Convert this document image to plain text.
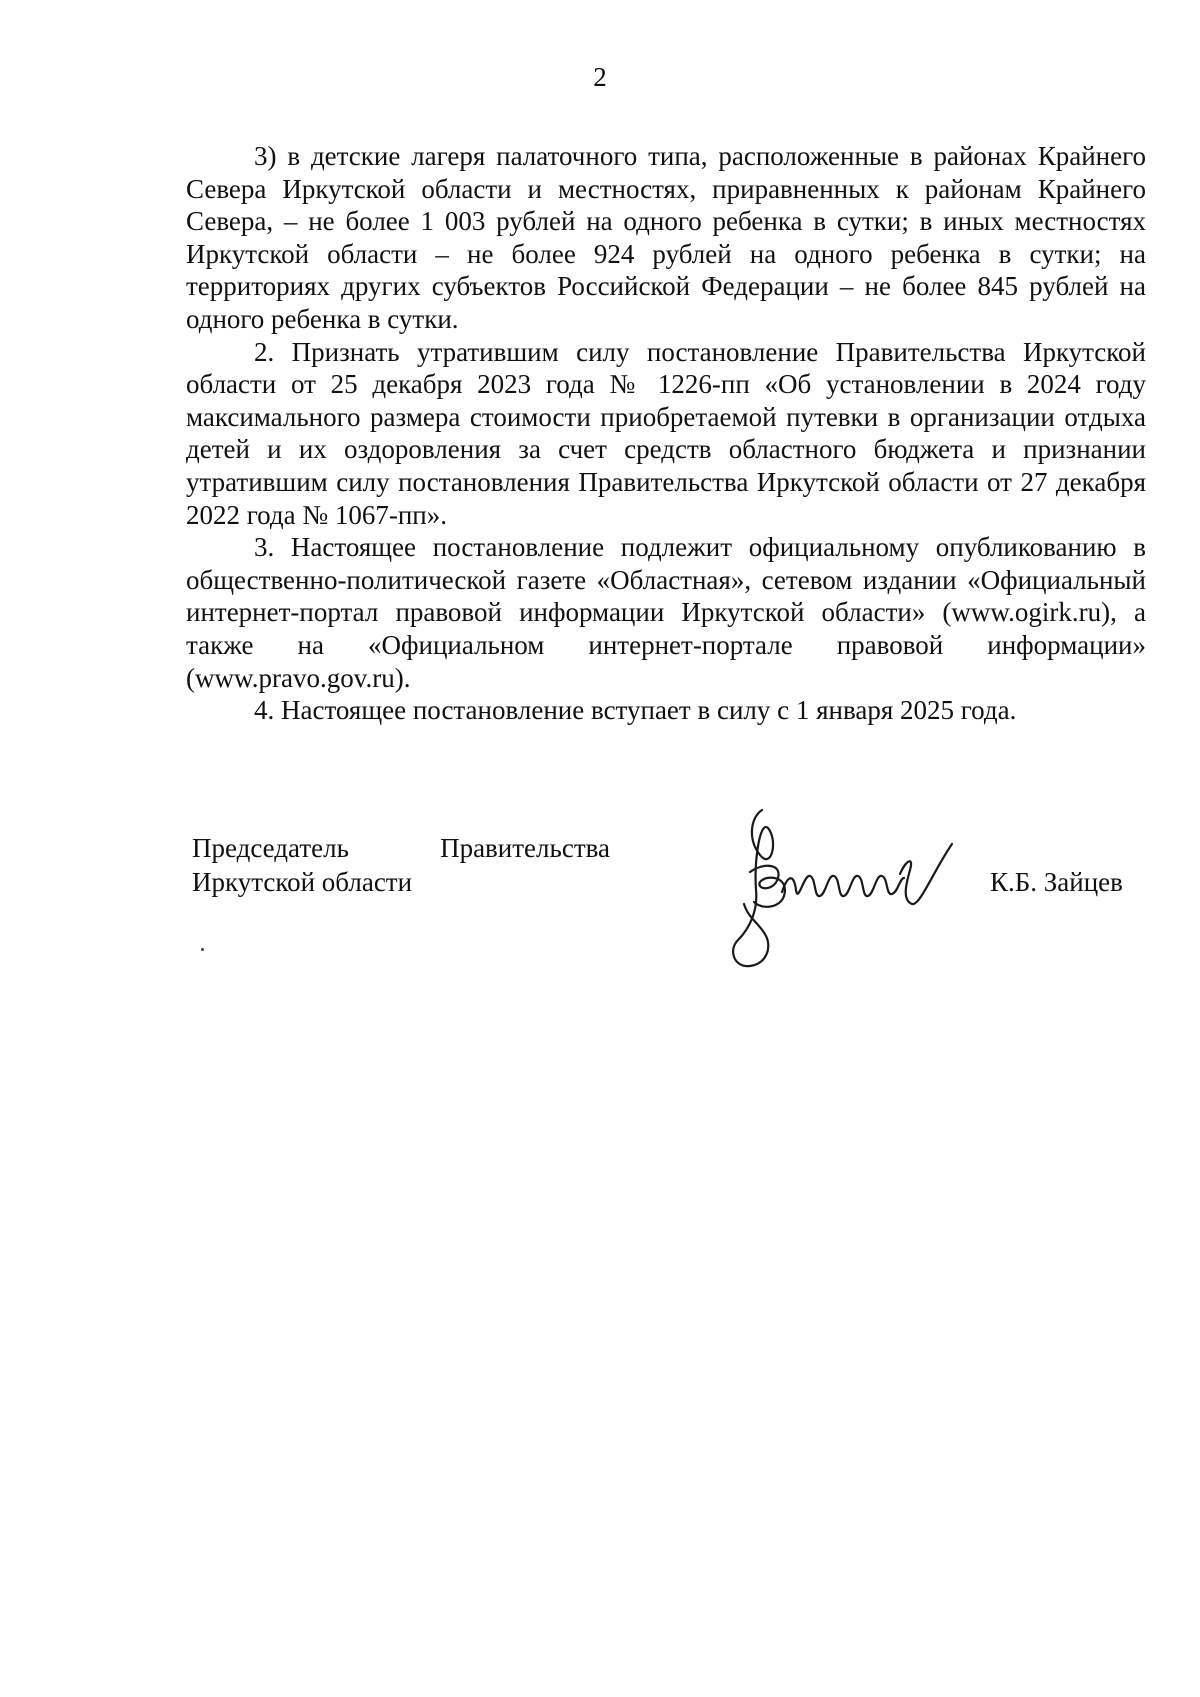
2

3) в детские лагеря палаточного типа, расположенные в районах Крайнего Севера Иркутской области и местностях, приравненных к районам Крайнего Севера, – не более 1 003 рублей на одного ребенка в сутки; в иных местностях Иркутской области – не более 924 рублей на одного ребенка в сутки; на территориях других субъектов Российской Федерации – не более 845 рублей на одного ребенка в сутки.

2. Признать утратившим силу постановление Правительства Иркутской области от 25 декабря 2023 года № 1226-пп «Об установлении в 2024 году максимального размера стоимости приобретаемой путевки в организации отдыха детей и их оздоровления за счет средств областного бюджета и признании утратившим силу постановления Правительства Иркутской области от 27 декабря 2022 года № 1067-пп».

3. Настоящее постановление подлежит официальному опубликованию в общественно-политической газете «Областная», сетевом издании «Официальный интернет-портал правовой информации Иркутской области» (www.ogirk.ru), а также на «Официальном интернет-портале правовой информации» (www.pravo.gov.ru).

4. Настоящее постановление вступает в силу с 1 января 2025 года.

Председатель	Правительства
Иркутской области	К.Б. Зайцев
